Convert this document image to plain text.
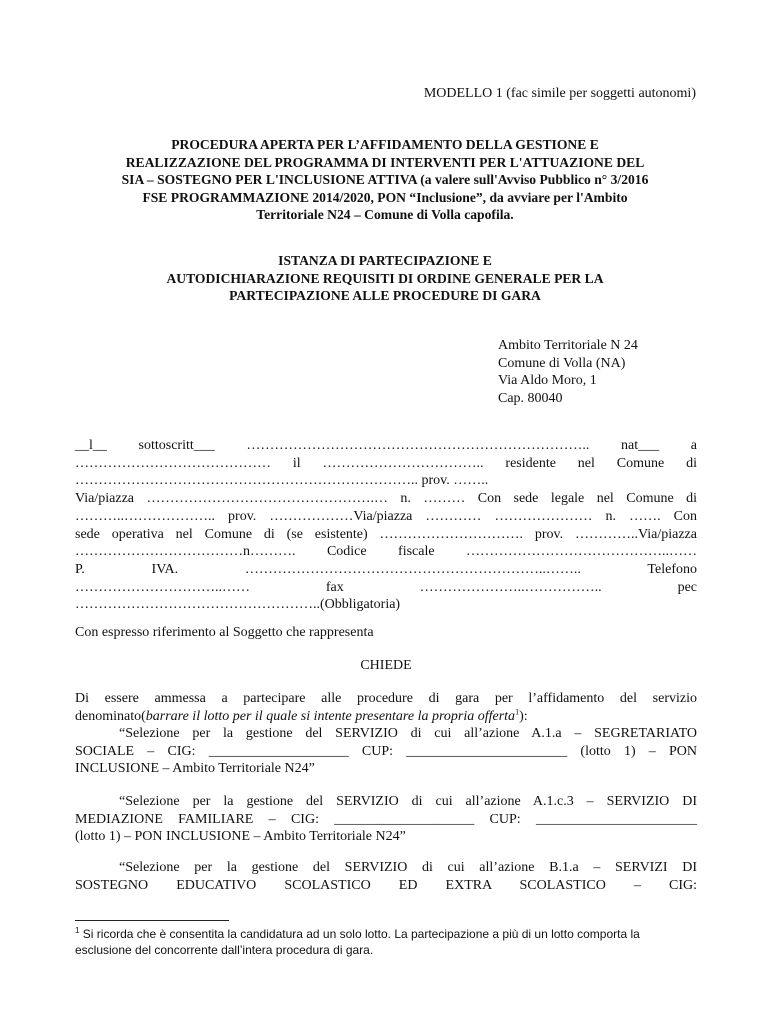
MODELLO 1 (fac simile per soggetti autonomi)
PROCEDURA APERTA PER L’AFFIDAMENTO DELLA GESTIONE E
REALIZZAZIONE DEL PROGRAMMA DI INTERVENTI PER L'ATTUAZIONE DEL
SIA – SOSTEGNO PER L'INCLUSIONE ATTIVA (a valere sull'Avviso Pubblico n° 3/2016
FSE PROGRAMMAZIONE 2014/2020, PON “Inclusione”, da avviare per l'Ambito
Territoriale N24 – Comune di Volla capofila.
ISTANZA DI PARTECIPAZIONE E
AUTODICHIARAZIONE REQUISITI DI ORDINE GENERALE PER LA
PARTECIPAZIONE ALLE PROCEDURE DI GARA
Ambito Territoriale N 24
Comune di Volla (NA)
Via Aldo Moro, 1
Cap. 80040
__l__ sottoscritt___ ……………………………………………………………….. nat___ a
…………………………………… il …………………………….. residente nel Comune di
……………………………………………………………….. prov. ……..
Via/piazza ………………………………………….… n. ……… Con sede legale nel Comune di
………..……………….. prov. ………………Via/piazza ………… ………………… n. ……. Con
sede operativa nel Comune di (se esistente) …………………………. prov. …………..Via/piazza
………………………………n………. Codice fiscale ……………………………………..……
P. IVA. ………………………………………………………..…….. Telefono
…………………………..…… fax …………………..…………….. pec
……………………………………………..(Obbligatoria)
Con espresso riferimento al Soggetto che rappresenta
CHIEDE
Di essere ammessa a partecipare alle procedure di gara per l’affidamento del servizio
denominato(barrare il lotto per il quale si intente presentare la propria offerta$^1$):
“Selezione per la gestione del SERVIZIO di cui all’azione A.1.a – SEGRETARIATO
SOCIALE – CIG: ____________________ CUP: _______________________ (lotto 1) – PON
INCLUSIONE – Ambito Territoriale N24”
“Selezione per la gestione del SERVIZIO di cui all’azione A.1.c.3 – SERVIZIO DI
MEDIAZIONE FAMILIARE – CIG: ____________________ CUP: _______________________
(lotto 1) – PON INCLUSIONE – Ambito Territoriale N24”
“Selezione per la gestione del SERVIZIO di cui all’azione B.1.a – SERVIZI DI
SOSTEGNO EDUCATIVO SCOLASTICO ED EXTRA SCOLASTICO – CIG:
$^1$ Si ricorda che è consentita la candidatura ad un solo lotto. La partecipazione a più di un lotto comporta la
esclusione del concorrente dall’intera procedura di gara.
